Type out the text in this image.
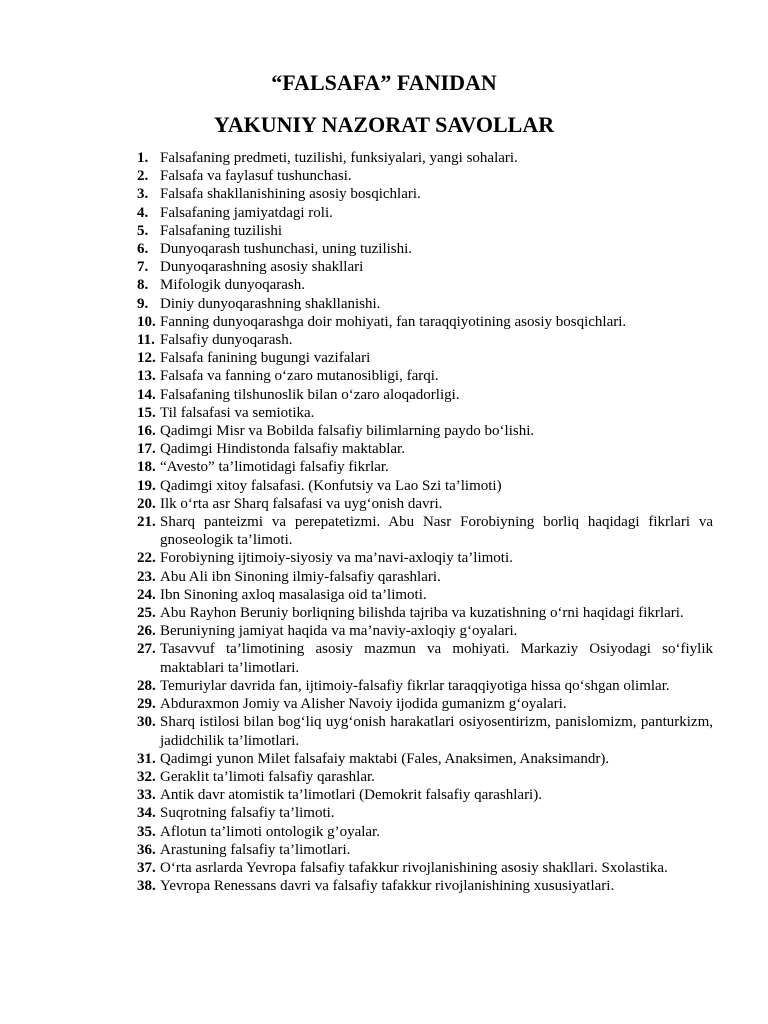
“FALSAFA” FANIDAN
YAKUNIY NAZORAT SAVOLLAR
1. Falsafaning predmeti, tuzilishi, funksiyalari, yangi sohalari.
2. Falsafa va faylasuf tushunchasi.
3. Falsafa shakllanishining asosiy bosqichlari.
4. Falsafaning jamiyatdagi roli.
5. Falsafaning tuzilishi
6. Dunyoqarash tushunchasi, uning tuzilishi.
7. Dunyoqarashning asosiy shakllari
8. Mifologik dunyoqarash.
9. Diniy dunyoqarashning shakllanishi.
10. Fanning dunyoqarashga doir mohiyati, fan taraqqiyotining asosiy bosqichlari.
11. Falsafiy dunyoqarash.
12. Falsafa fanining bugungi vazifalari
13. Falsafa va fanning o‘zaro mutanosibligi, farqi.
14. Falsafaning tilshunoslik bilan o‘zaro aloqadorligi.
15. Til falsafasi va semiotika.
16. Qadimgi Misr va Bobilda falsafiy bilimlarning paydo bo‘lishi.
17. Qadimgi Hindistonda falsafiy maktablar.
18. “Avesto” ta’limotidagi falsafiy fikrlar.
19. Qadimgi xitoy falsafasi. (Konfutsiy va Lao Szi ta’limoti)
20. Ilk o‘rta asr Sharq falsafasi va uyg‘onish davri.
21. Sharq panteizmi va perepatetizmi. Abu Nasr Forobiyning borliq haqidagi fikrlari va gnoseologik ta’limoti.
22. Forobiyning ijtimoiy-siyosiy va ma’navi-axloqiy ta’limoti.
23. Abu Ali ibn Sinoning ilmiy-falsafiy qarashlari.
24. Ibn Sinoning axloq masalasiga oid ta’limoti.
25. Abu Rayhon Beruniy borliqning bilishda tajriba va kuzatishning o‘rni haqidagi fikrlari.
26. Beruniyning jamiyat haqida va ma’naviy-axloqiy g‘oyalari.
27. Tasavvuf ta’limotining asosiy mazmun va mohiyati. Markaziy Osiyodagi so‘fiylik maktablari ta’limotlari.
28. Temuriylar davrida fan, ijtimoiy-falsafiy fikrlar taraqqiyotiga hissa qo‘shgan olimlar.
29. Abduraxmon Jomiy va Alisher Navoiy ijodida gumanizm g‘oyalari.
30. Sharq istilosi bilan bog‘liq uyg‘onish harakatlari osiyosentirizm, panislomizm, panturkizm, jadidchilik ta’limotlari.
31. Qadimgi yunon Milet falsafaiy maktabi (Fales, Anaksimen, Anaksimandr).
32. Geraklit ta’limoti falsafiy qarashlar.
33. Antik davr atomistik ta’limotlari (Demokrit falsafiy qarashlari).
34. Suqrotning falsafiy ta’limoti.
35. Aflotun ta’limoti ontologik g’oyalar.
36. Arastuning falsafiy ta’limotlari.
37. O‘rta asrlarda Yevropa falsafiy tafakkur rivojlanishining asosiy shakllari. Sxolastika.
38. Yevropa Renessans davri va falsafiy tafakkur rivojlanishining xususiyatlari.
